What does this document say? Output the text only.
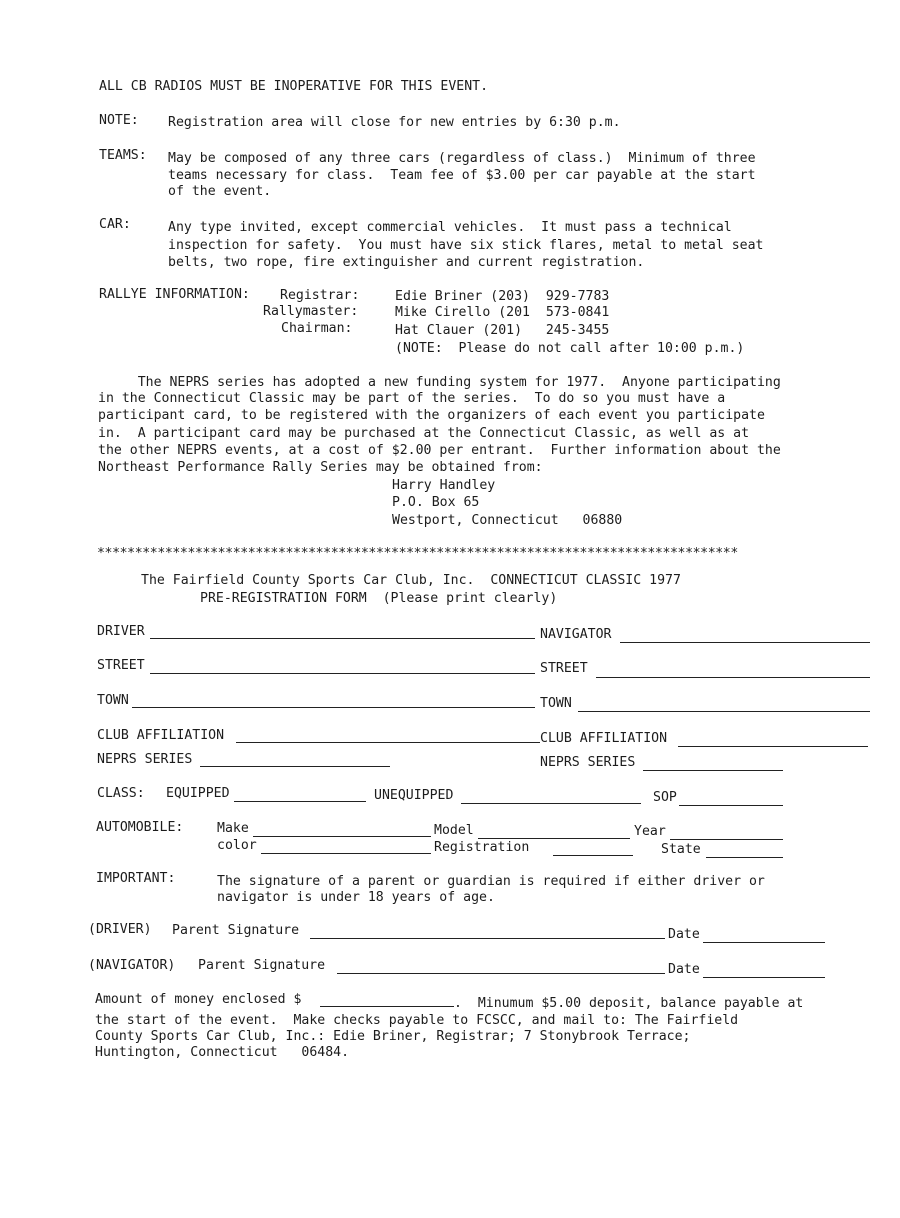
ALL CB RADIOS MUST BE INOPERATIVE FOR THIS EVENT.
NOTE: Registration area will close for new entries by 6:30 p.m.
TEAMS: May be composed of any three cars (regardless of class.)  Minimum of three
teams necessary for class.  Team fee of $3.00 per car payable at the start
of the event.
CAR:	Any type invited, except commercial vehicles.  It must pass a technical
inspection for safety.  You must have six stick flares, metal to metal seat
belts, two rope, fire extinguisher and current registration.
RALLYE INFORMATION: Registrar:	Edie Briner (203)  929-7783
Rallymaster:	Mike Cirello (201  573-0841
Chairman:	Hat Clauer (201)   245-3455
(NOTE:  Please do not call after 10:00 p.m.)
The NEPRS series has adopted a new funding system for 1977.  Anyone participating
in the Connecticut Classic may be part of the series.  To do so you must have a
participant card, to be registered with the organizers of each event you participate
in.  A participant card may be purchased at the Connecticut Classic, as well as at
the other NEPRS events, at a cost of $2.00 per entrant.  Further information about the
Northeast Performance Rally Series may be obtained from:
Harry Handley
P.O. Box 65
Westport, Connecticut   06880
*************************************************************************************
The Fairfield County Sports Car Club, Inc.  CONNECTICUT CLASSIC 1977
PRE-REGISTRATION FORM  (Please print clearly)
DRIVER	NAVIGATOR
STREET	STREET
TOWN	TOWN
CLUB AFFILIATION	CLUB AFFILIATION
NEPRS SERIES	NEPRS SERIES
CLASS: EQUIPPED	UNEQUIPPED	SOP
AUTOMOBILE:	Make	Model	Year
color	Registration	State
IMPORTANT:	The signature of a parent or guardian is required if either driver or
navigator is under 18 years of age.
(DRIVER) Parent Signature	Date
(NAVIGATOR) Parent Signature	Date
Amount of money enclosed $	.  Minumum $5.00 deposit, balance payable at
the start of the event.  Make checks payable to FCSCC, and mail to: The Fairfield
County Sports Car Club, Inc.: Edie Briner, Registrar; 7 Stonybrook Terrace;
Huntington, Connecticut   06484.
